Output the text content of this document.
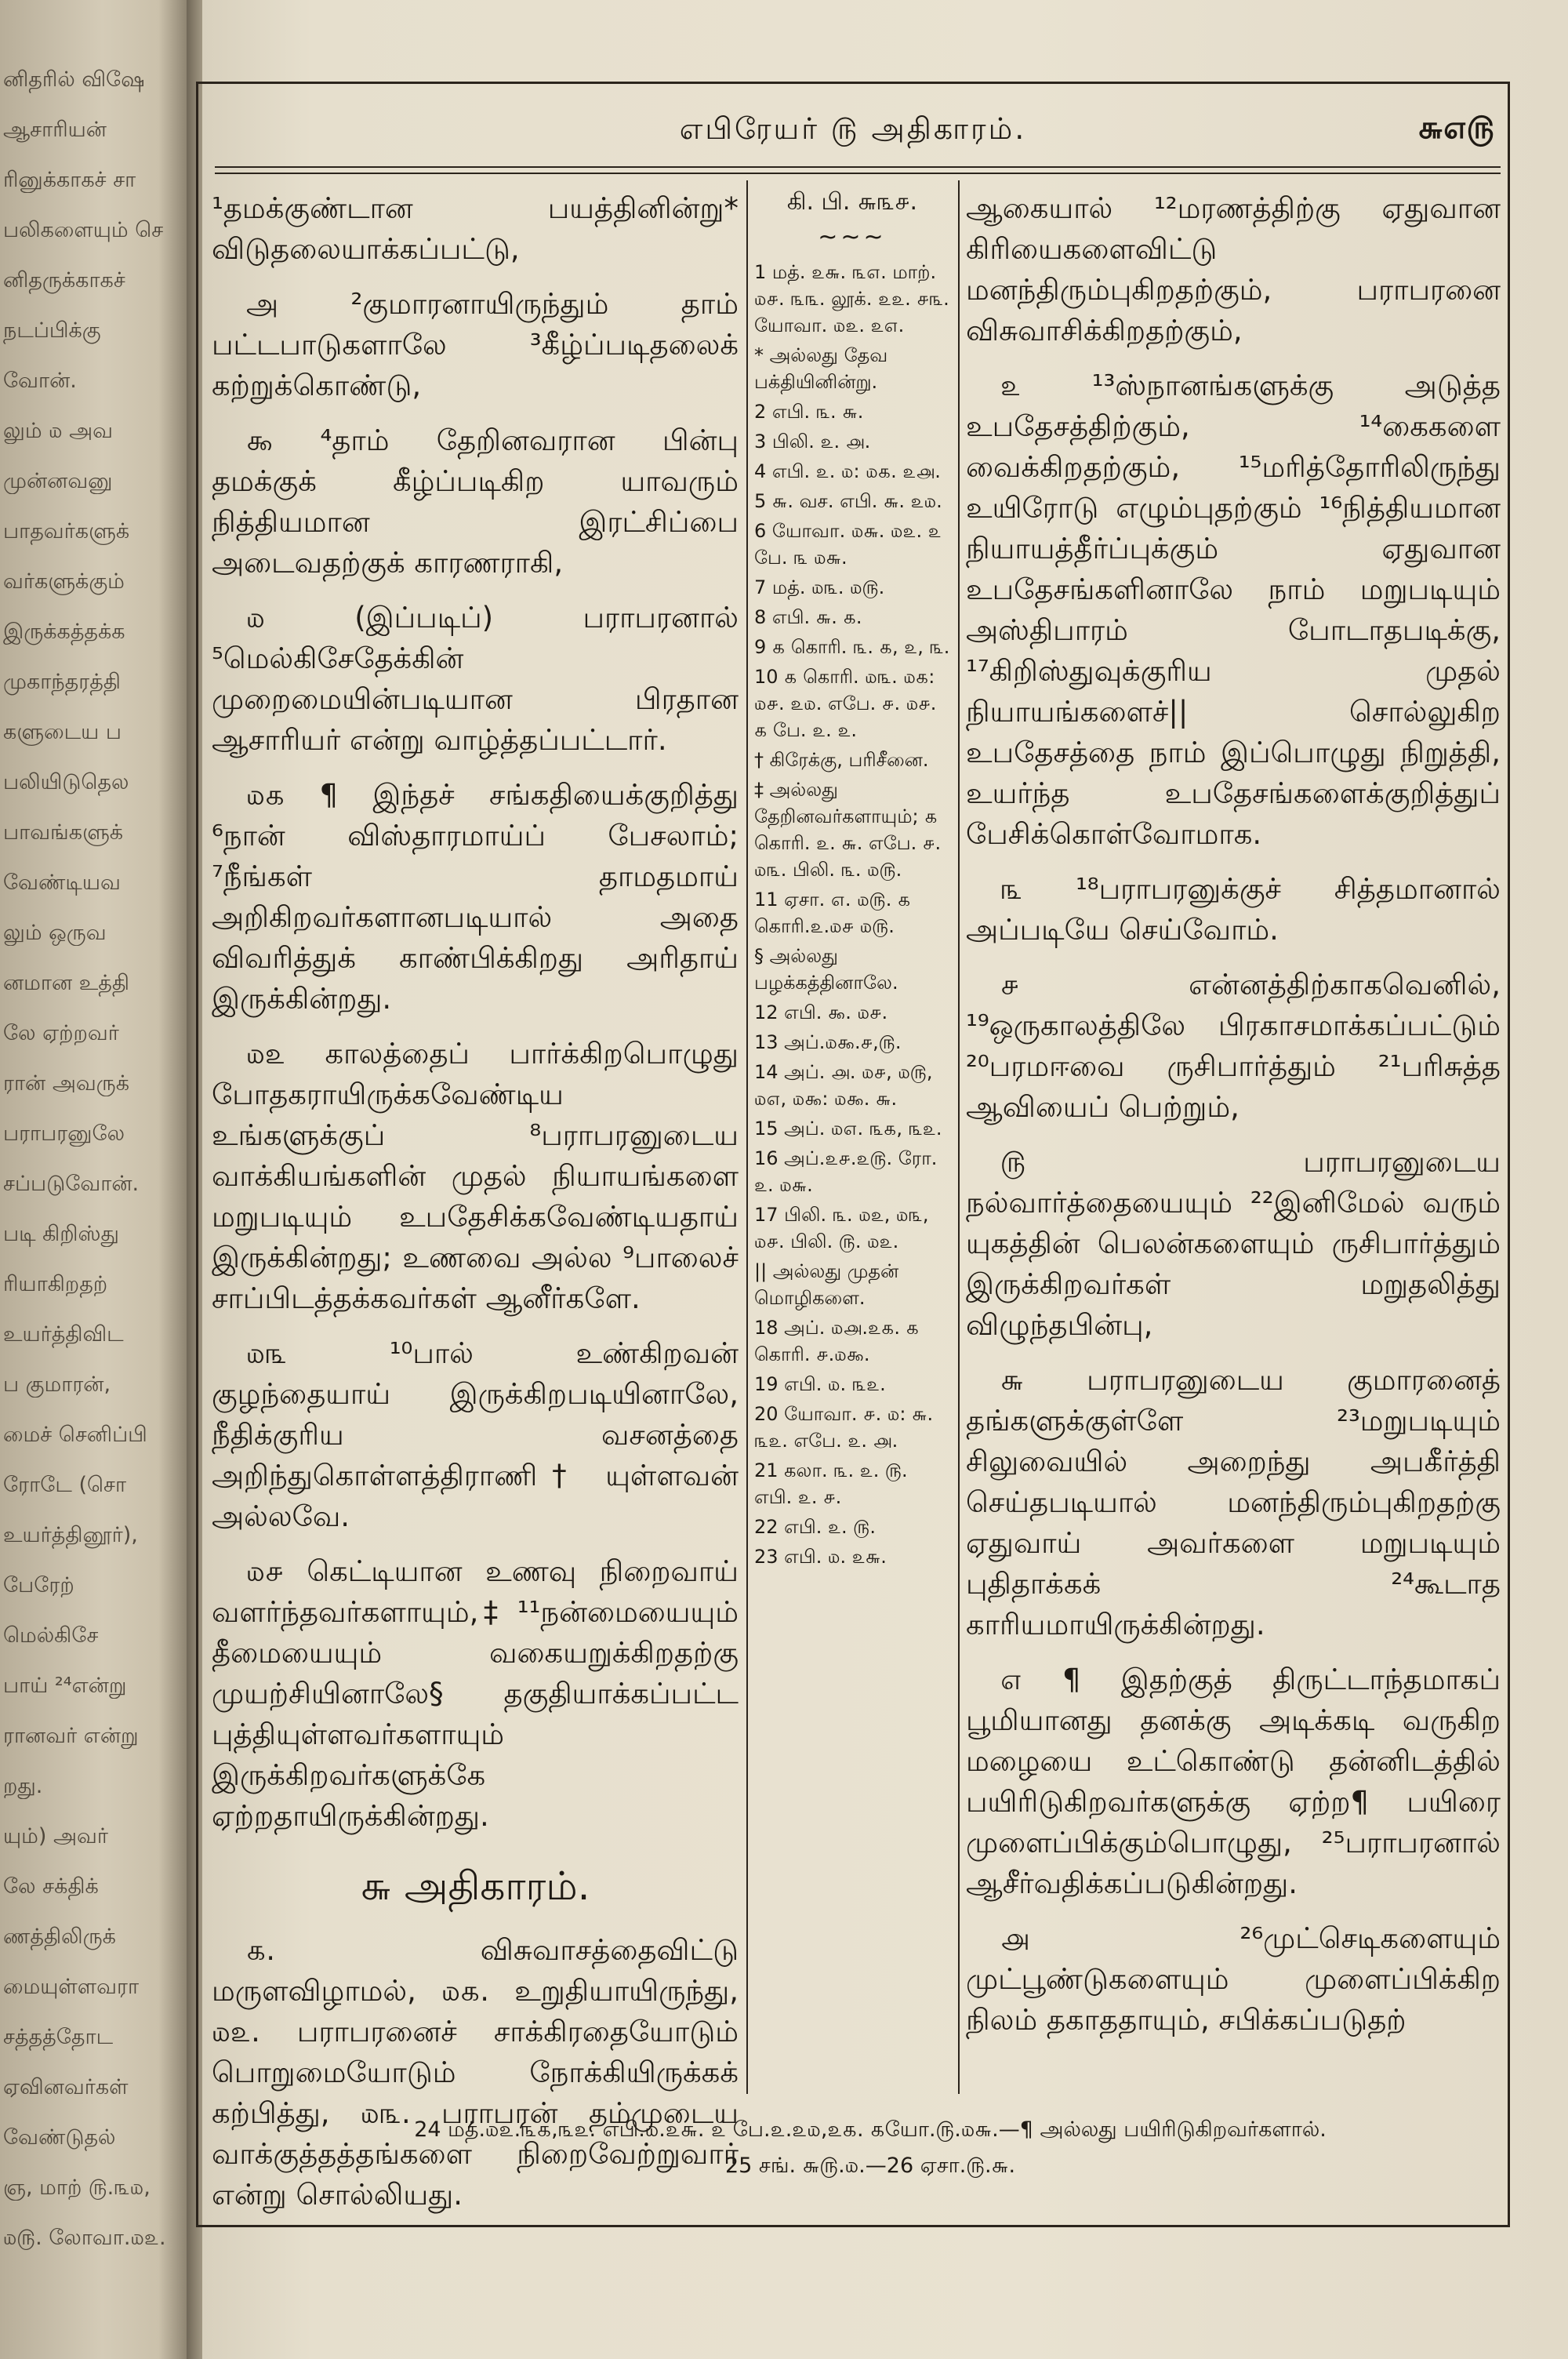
னிதரில் விஷே
ஆசாரியன்
ரினுக்காகச் சா
பலிகளையும் செ
னிதருக்காகச்
நடப்பிக்கு
வோன்.
லும் ௰ அவ
முன்னவனு
பாதவர்களுக்
வர்களுக்கும்
இருக்கத்தக்க
முகாந்தரத்தி
களுடைய ப
பலியிடுதெல
பாவங்களுக்
வேண்டியவ
லும் ஒருவ
னமான உத்தி
லே ஏற்றவர்
ரான் அவருக்
பராபரனுலே
சப்படுவோன்.
படி கிறிஸ்து
ரியாகிறதற்
உயர்த்திவிட
ப குமாரன்,
மைச் செனிப்பி
ரோடே (சொ
உயர்த்தினூர்),
பேரேற்
மெல்கிசே
பாய் ²⁴என்று
ரானவர் என்று
றது.
யும்) அவர்
லே சக்திக்
ணத்திலிருக்
மையுள்ளவரா
சத்தத்தோட
ஏவினவர்கள்
வேண்டுதல்
ஞ, மாற் ௫.௩௰,
௰௫. லோவா.௰௨.
எபிரேயர் ௫ அதிகாரம்.	௬௭௫

¹தமக்குண்டான பயத்தினின்று* விடுதலையாக்கப்பட்டு,

அ ²குமாரனாயிருந்தும் தாம் பட்டபாடுகளாலே ³கீழ்ப்படிதலைக் கற்றுக்கொண்டு,

௯ ⁴தாம் தேறினவரான பின்பு தமக்குக் கீழ்ப்படிகிற யாவரும் நித்தியமான இரட்சிப்பை அடைவதற்குக் காரணராகி,

௰ (இப்படிப்) பராபரனால் ⁵மெல்கிசேதேக்கின் முறைமையின்படியான பிரதான ஆசாரியர் என்று வாழ்த்தப்பட்டார்.

௰௧ ¶ இந்தச் சங்கதியைக்குறித்து ⁶நான் விஸ்தாரமாய்ப் பேசலாம்; ⁷நீங்கள் தாமதமாய் அறிகிறவர்களானபடியால் அதை விவரித்துக் காண்பிக்கிறது அரிதாய் இருக்கின்றது.

௰௨ காலத்தைப் பார்க்கிறபொழுது போதகராயிருக்கவேண்டிய உங்களுக்குப் ⁸பராபரனுடைய வாக்கியங்களின் முதல் நியாயங்களை மறுபடியும் உபதேசிக்கவேண்டியதாய் இருக்கின்றது; உணவை அல்ல ⁹பாலைச் சாப்பிடத்தக்கவர்கள் ஆனீர்களே.

௰௩ ¹⁰பால் உண்கிறவன் குழந்தையாய் இருக்கிறபடியினாலே, நீதிக்குரிய வசனத்தை அறிந்துகொள்ளத்திராணி† யுள்ளவன் அல்லவே.

௰௪ கெட்டியான உணவு நிறைவாய் வளர்ந்தவர்களாயும்,‡ ¹¹நன்மையையும் தீமையையும் வகையறுக்கிறதற்கு முயற்சியினாலே§ தகுதியாக்கப்பட்ட புத்தியுள்ளவர்களாயும் இருக்கிறவர்களுக்கே ஏற்றதாயிருக்கின்றது.

௬ அதிகாரம்.

௧. விசுவாசத்தைவிட்டு மருளவிழாமல், ௰௧. உறுதியாயிருந்து, ௰௨. பராபரனைச் சாக்கிரதையோடும் பொறுமையோடும் நோக்கியிருக்கக் கற்பித்து, ௰௩. பராபரன் தம்முடைய வாக்குத்தத்தங்களை நிறைவேற்றுவார் என்று சொல்லியது.

கி. பி. ௬௩௪.
~~~
1 மத். ௨௬. ௩௭. மாற். ௰௪. ௩௩. லூக். ௨௨. ௪௩. யோவா. ௰௨. ௨௭.
* அல்லது தேவ பக்தியினின்று.
2 எபி. ௩. ௬.
3 பிலி. ௨. ௮.
4 எபி. ௨. ௰: ௰௧. ௨௮.
5 ௬. வச. எபி. ௬. ௨௰.
6 யோவா. ௰௬. ௰௨. ௨ பே. ௩ ௰௬.
7 மத். ௰௩. ௰௫.
8 எபி. ௬. ௧.
9 ௧ கொரி. ௩. ௧, ௨, ௩.
10 ௧ கொரி. ௰௩. ௰௧: ௰௪. ௨௰. எபே. ௪. ௰௪. ௧ பே. ௨. ௨.
† கிரேக்கு, பரிசீனை.
‡ அல்லது தேறினவர்களாயும்; ௧ கொரி. ௨. ௬. எபே. ௪. ௰௩. பிலி. ௩. ௰௫.
11 ஏசா. ௭. ௰௫. ௧ கொரி.௨.௰௪ ௰௫.
§ அல்லது பழக்கத்தினாலே.
12 எபி. ௯. ௰௪.
13 அப்.௰௯.௪,௫.
14 அப். ௮. ௰௪, ௰௫, ௰௭, ௰௯: ௰௯. ௬.
15 அப். ௰௭. ௩௧, ௩௨.
16 அப்.௨௪.௨௫. ரோ. ௨. ௰௬.
17 பிலி. ௩. ௰௨, ௰௩, ௰௪. பிலி. ௫. ௰௨.
|| அல்லது முதன் மொழிகளை.
18 அப். ௰௮.௨௧. ௧ கொரி. ௪.௰௯.
19 எபி. ௰. ௩௨.
20 யோவா. ௪. ௰: ௬. ௩௨. எபே. ௨. ௮.
21 கலா. ௩. ௨. ௫. எபி. ௨. ௪.
22 எபி. ௨. ௫.
23 எபி. ௰. ௨௬.

ஆகையால் ¹²மரணத்திற்கு ஏதுவான கிரியைகளைவிட்டு மனந்திரும்புகிறதற்கும், பராபரனை விசுவாசிக்கிறதற்கும்,

௨ ¹³ஸ்நானங்களுக்கு அடுத்த உபதேசத்திற்கும், ¹⁴கைகளை வைக்கிறதற்கும், ¹⁵மரித்தோரிலிருந்து உயிரோடு எழும்புதற்கும் ¹⁶நித்தியமான நியாயத்தீர்ப்புக்கும் ஏதுவான உபதேசங்களினாலே நாம் மறுபடியும் அஸ்திபாரம் போடாதபடிக்கு, ¹⁷கிறிஸ்துவுக்குரிய முதல் நியாயங்களைச்|| சொல்லுகிற உபதேசத்தை நாம் இப்பொழுது நிறுத்தி, உயர்ந்த உபதேசங்களைக்குறித்துப் பேசிக்கொள்வோமாக.

௩ ¹⁸பராபரனுக்குச் சித்தமானால் அப்படியே செய்வோம்.

௪ என்னத்திற்காகவெனில், ¹⁹ஒருகாலத்திலே பிரகாசமாக்கப்பட்டும் ²⁰பரமஈவை ருசிபார்த்தும் ²¹பரிசுத்த ஆவியைப் பெற்றும்,

௫ பராபரனுடைய நல்வார்த்தையையும் ²²இனிமேல் வரும் யுகத்தின் பெலன்களையும் ருசிபார்த்தும் இருக்கிறவர்கள் மறுதலித்து விழுந்தபின்பு,

௬ பராபரனுடைய குமாரனைத் தங்களுக்குள்ளே ²³மறுபடியும் சிலுவையில் அறைந்து அபகீர்த்தி செய்தபடியால் மனந்திரும்புகிறதற்கு ஏதுவாய் அவர்களை மறுபடியும் புதிதாக்கக் ²⁴கூடாத காரியமாயிருக்கின்றது.

௭ ¶ இதற்குத் திருட்டாந்தமாகப் பூமியானது தனக்கு அடிக்கடி வருகிற மழையை உட்கொண்டு தன்னிடத்தில் பயிரிடுகிறவர்களுக்கு ஏற்ற¶ பயிரை முளைப்பிக்கும்பொழுது, ²⁵பராபரனால் ஆசீர்வதிக்கப்படுகின்றது.

௮ ²⁶முட்செடிகளையும் முட்பூண்டுகளையும் முளைப்பிக்கிற நிலம் தகாததாயும், சபிக்கப்படுதற்

24 மத்.௰௨.௩௧,௩௨. எபி.௰.௨௬. ௨ பே.௨.௨௰,௨௧. ௧யோ.௫.௰௬.—¶ அல்லது பயிரிடுகிறவர்களால்.
25 சங். ௬௫.௰.—26 ஏசா.௫.௬.
